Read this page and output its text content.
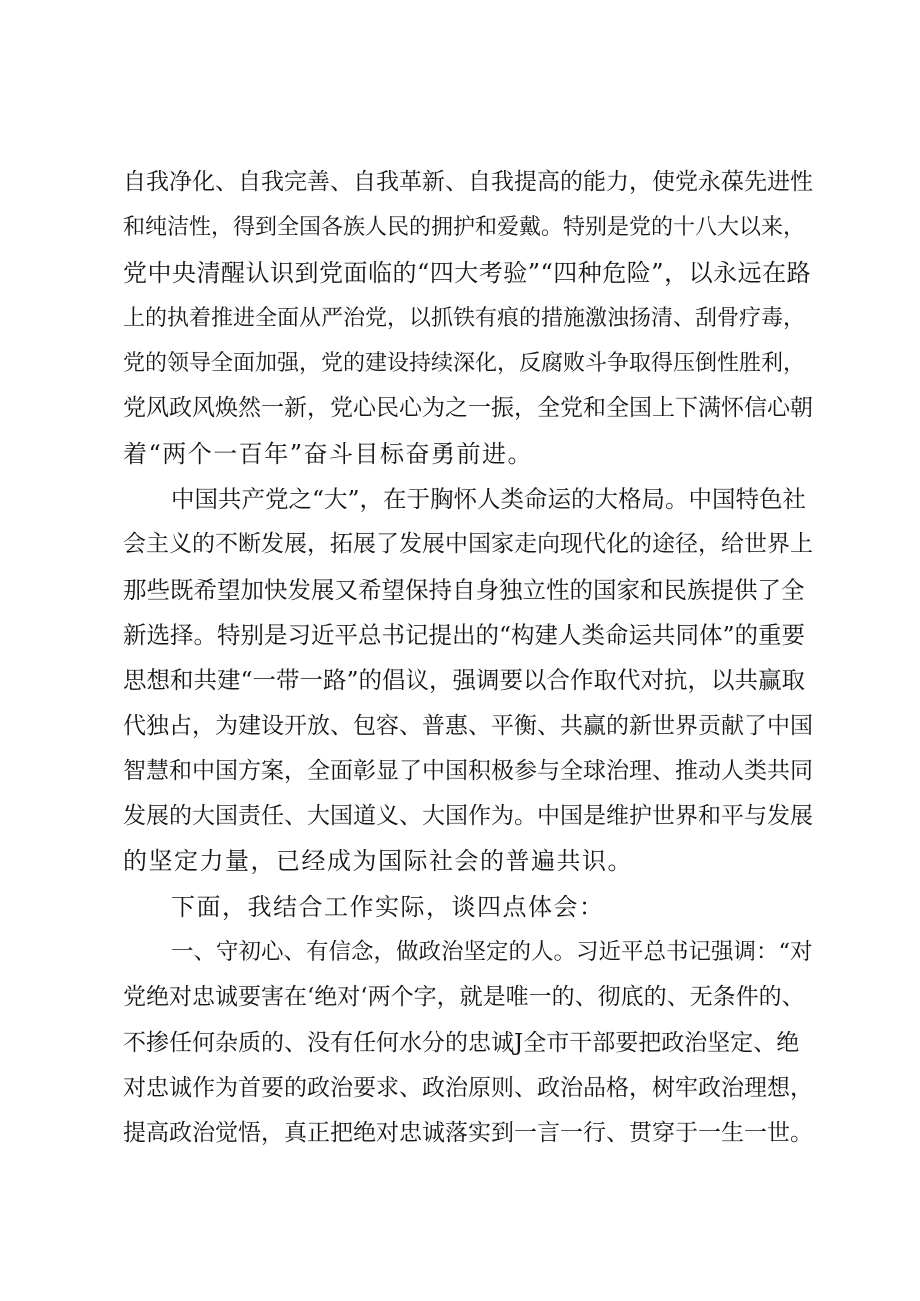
自我净化、自我完善、自我革新、自我提高的能力，使党永葆先进性
和纯洁性，得到全国各族人民的拥护和爱戴。特别是党的十八大以来，
党中央清醒认识到党面临的“四大考验”“四种危险”，以永远在路
上的执着推进全面从严治党，以抓铁有痕的措施激浊扬清、刮骨疗毒，
党的领导全面加强，党的建设持续深化，反腐败斗争取得压倒性胜利，
党风政风焕然一新，党心民心为之一振，全党和全国上下满怀信心朝
着“两个一百年”奋斗目标奋勇前进。
中国共产党之“大”，在于胸怀人类命运的大格局。中国特色社
会主义的不断发展，拓展了发展中国家走向现代化的途径，给世界上
那些既希望加快发展又希望保持自身独立性的国家和民族提供了全
新选择。特别是习近平总书记提出的“构建人类命运共同体”的重要
思想和共建“一带一路”的倡议，强调要以合作取代对抗，以共赢取
代独占，为建设开放、包容、普惠、平衡、共赢的新世界贡献了中国
智慧和中国方案，全面彰显了中国积极参与全球治理、推动人类共同
发展的大国责任、大国道义、大国作为。中国是维护世界和平与发展
的坚定力量，已经成为国际社会的普遍共识。
下面，我结合工作实际，谈四点体会：
一、守初心、有信念，做政治坚定的人。习近平总书记强调：“对
党绝对忠诚要害在‘绝对‘两个字，就是唯一的、彻底的、无条件的、
不掺任何杂质的、没有任何水分的忠诚J全市干部要把政治坚定、绝
对忠诚作为首要的政治要求、政治原则、政治品格，树牢政治理想，
提高政治觉悟，真正把绝对忠诚落实到一言一行、贯穿于一生一世。
